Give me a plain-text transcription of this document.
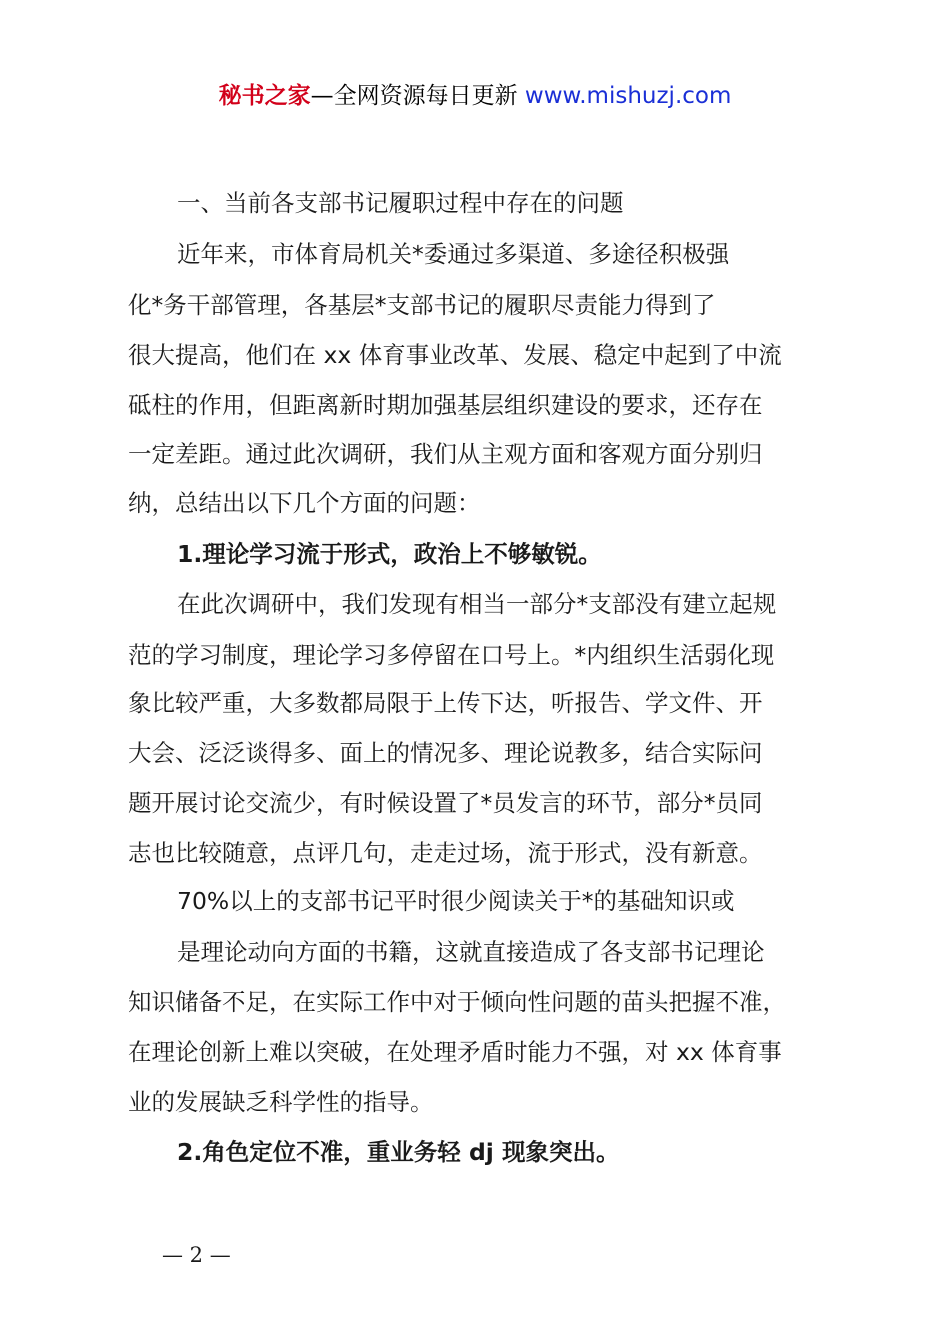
秘书之家—全网资源每日更新 www.mishuzj.com
一、当前各支部书记履职过程中存在的问题
近年来，市体育局机关*委通过多渠道、多途径积极强
化*务干部管理，各基层*支部书记的履职尽责能力得到了
很大提高，他们在 xx 体育事业改革、发展、稳定中起到了中流
砥柱的作用，但距离新时期加强基层组织建设的要求，还存在
一定差距。通过此次调研，我们从主观方面和客观方面分别归
纳，总结出以下几个方面的问题：
1.理论学习流于形式，政治上不够敏锐。
在此次调研中，我们发现有相当一部分*支部没有建立起规
范的学习制度，理论学习多停留在口号上。*内组织生活弱化现
象比较严重，大多数都局限于上传下达，听报告、学文件、开
大会、泛泛谈得多、面上的情况多、理论说教多，结合实际问
题开展讨论交流少，有时候设置了*员发言的环节，部分*员同
志也比较随意，点评几句，走走过场，流于形式，没有新意。
70%以上的支部书记平时很少阅读关于*的基础知识或
是理论动向方面的书籍，这就直接造成了各支部书记理论
知识储备不足，在实际工作中对于倾向性问题的苗头把握不准，
在理论创新上难以突破，在处理矛盾时能力不强，对 xx 体育事
业的发展缺乏科学性的指导。
2.角色定位不准，重业务轻 dj 现象突出。
— 2 —
